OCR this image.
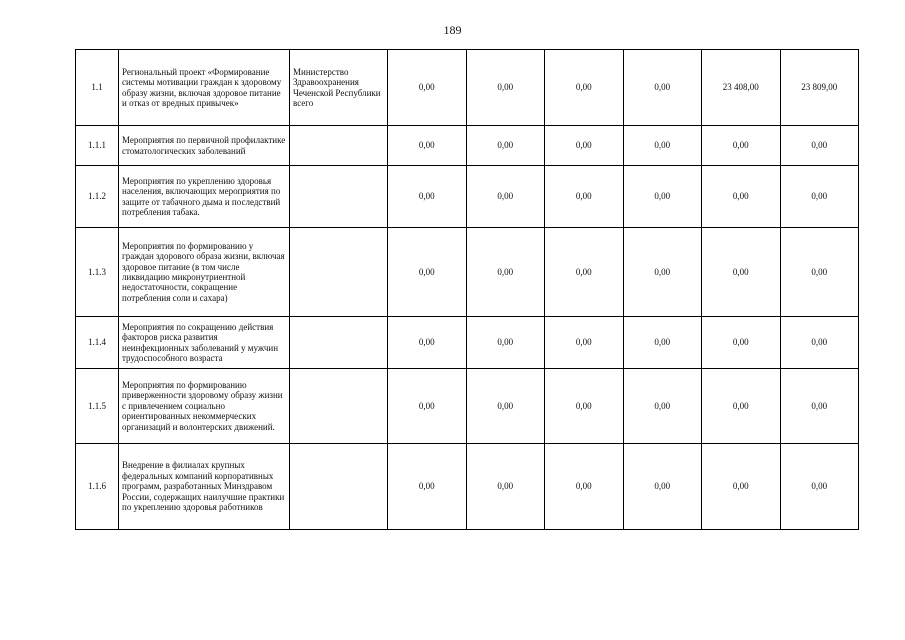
189
1.1	Региональный проект «Формирование системы мотивации граждан к здоровому образу жизни, включая здоровое питание и отказ от вредных привычек»	Министерство Здравоохранения Чеченской Республики всего	0,00	0,00	0,00	0,00	23 408,00	23 809,00
1.1.1	Мероприятия по первичной профилактике стоматологических заболеваний		0,00	0,00	0,00	0,00	0,00	0,00
1.1.2	Мероприятия по укреплению здоровья населения, включающих мероприятия по защите от табачного дыма и последствий потребления табака.		0,00	0,00	0,00	0,00	0,00	0,00
1.1.3	Мероприятия по формированию у граждан здорового образа жизни, включая здоровое питание (в том числе ликвидацию микронутриентной недостаточности, сокращение потребления соли и сахара)		0,00	0,00	0,00	0,00	0,00	0,00
1.1.4	Мероприятия по сокращению действия факторов риска развития неинфекционных заболеваний у мужчин трудоспособного возраста		0,00	0,00	0,00	0,00	0,00	0,00
1.1.5	Мероприятия по формированию приверженности здоровому образу жизни с привлечением социально ориентированных некоммерческих организаций и волонтерских движений.		0,00	0,00	0,00	0,00	0,00	0,00
1.1.6	Внедрение в филиалах крупных федеральных компаний корпоративных программ, разработанных Минздравом России, содержащих наилучшие практики по укреплению здоровья работников		0,00	0,00	0,00	0,00	0,00	0,00
